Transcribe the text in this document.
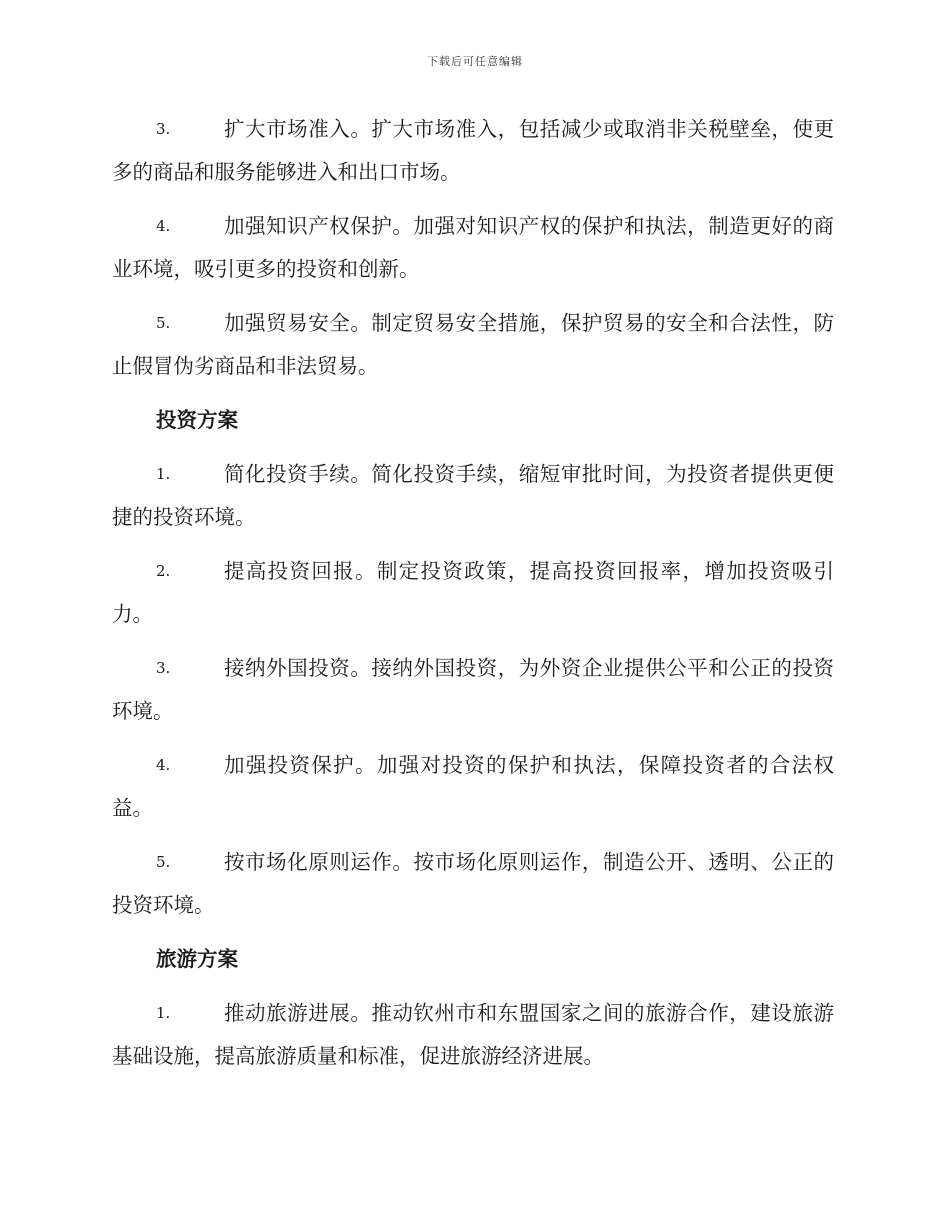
下载后可任意编辑
3.	扩大市场准入。扩大市场准入，包括减少或取消非关税壁垒，使更多的商品和服务能够进入和出口市场。
4.	加强知识产权保护。加强对知识产权的保护和执法，制造更好的商业环境，吸引更多的投资和创新。
5.	加强贸易安全。制定贸易安全措施，保护贸易的安全和合法性，防止假冒伪劣商品和非法贸易。
投资方案
1.	简化投资手续。简化投资手续，缩短审批时间，为投资者提供更便捷的投资环境。
2.	提高投资回报。制定投资政策，提高投资回报率，增加投资吸引力。
3.	接纳外国投资。接纳外国投资，为外资企业提供公平和公正的投资环境。
4.	加强投资保护。加强对投资的保护和执法，保障投资者的合法权益。
5.	按市场化原则运作。按市场化原则运作，制造公开、透明、公正的投资环境。
旅游方案
1.	推动旅游进展。推动钦州市和东盟国家之间的旅游合作，建设旅游基础设施，提高旅游质量和标准，促进旅游经济进展。
